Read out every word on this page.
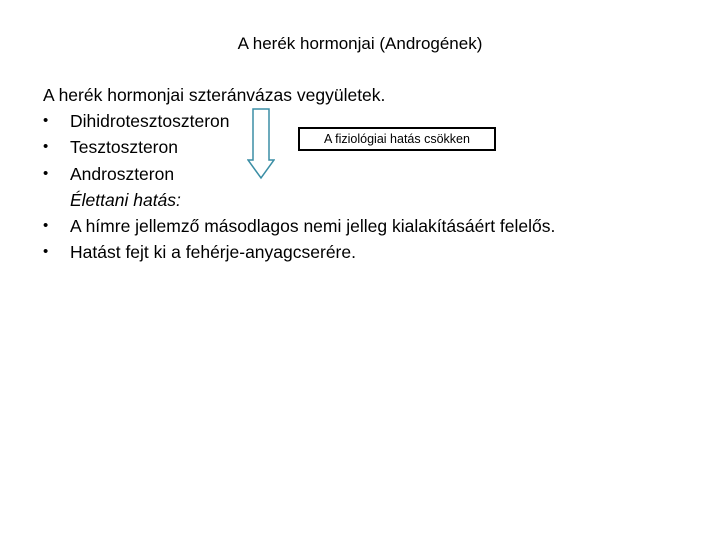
A herék hormonjai (Androgének)
A herék hormonjai szteránvázas vegyületek.
•	Dihidrotesztoszteron
•	Tesztoszteron
•	Androszteron
Élettani hatás:
•	A hímre jellemző másodlagos nemi jelleg kialakításáért felelős.
•	Hatást fejt ki a fehérje-anyagcserére.
A fiziológiai hatás csökken
